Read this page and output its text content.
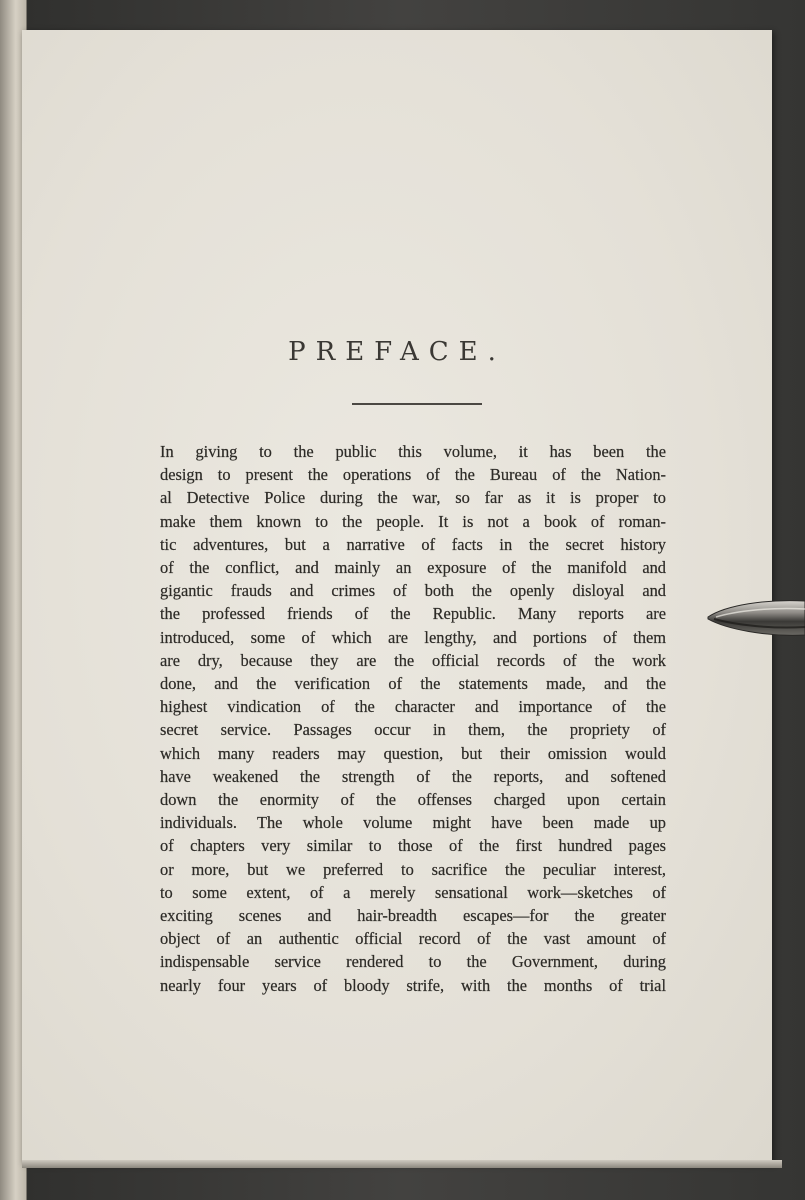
PREFACE.
In giving to the public this volume, it has been the
design to present the operations of the Bureau of the Nation-
al Detective Police during the war, so far as it is proper to
make them known to the people. It is not a book of roman-
tic adventures, but a narrative of facts in the secret history
of the conflict, and mainly an exposure of the manifold and
gigantic frauds and crimes of both the openly disloyal and
the professed friends of the Republic. Many reports are
introduced, some of which are lengthy, and portions of them
are dry, because they are the official records of the work
done, and the verification of the statements made, and the
highest vindication of the character and importance of the
secret service. Passages occur in them, the propriety of
which many readers may question, but their omission would
have weakened the strength of the reports, and softened
down the enormity of the offenses charged upon certain
individuals. The whole volume might have been made up
of chapters very similar to those of the first hundred pages
or more, but we preferred to sacrifice the peculiar interest,
to some extent, of a merely sensational work—sketches of
exciting scenes and hair-breadth escapes—for the greater
object of an authentic official record of the vast amount of
indispensable service rendered to the Government, during
nearly four years of bloody strife, with the months of trial
